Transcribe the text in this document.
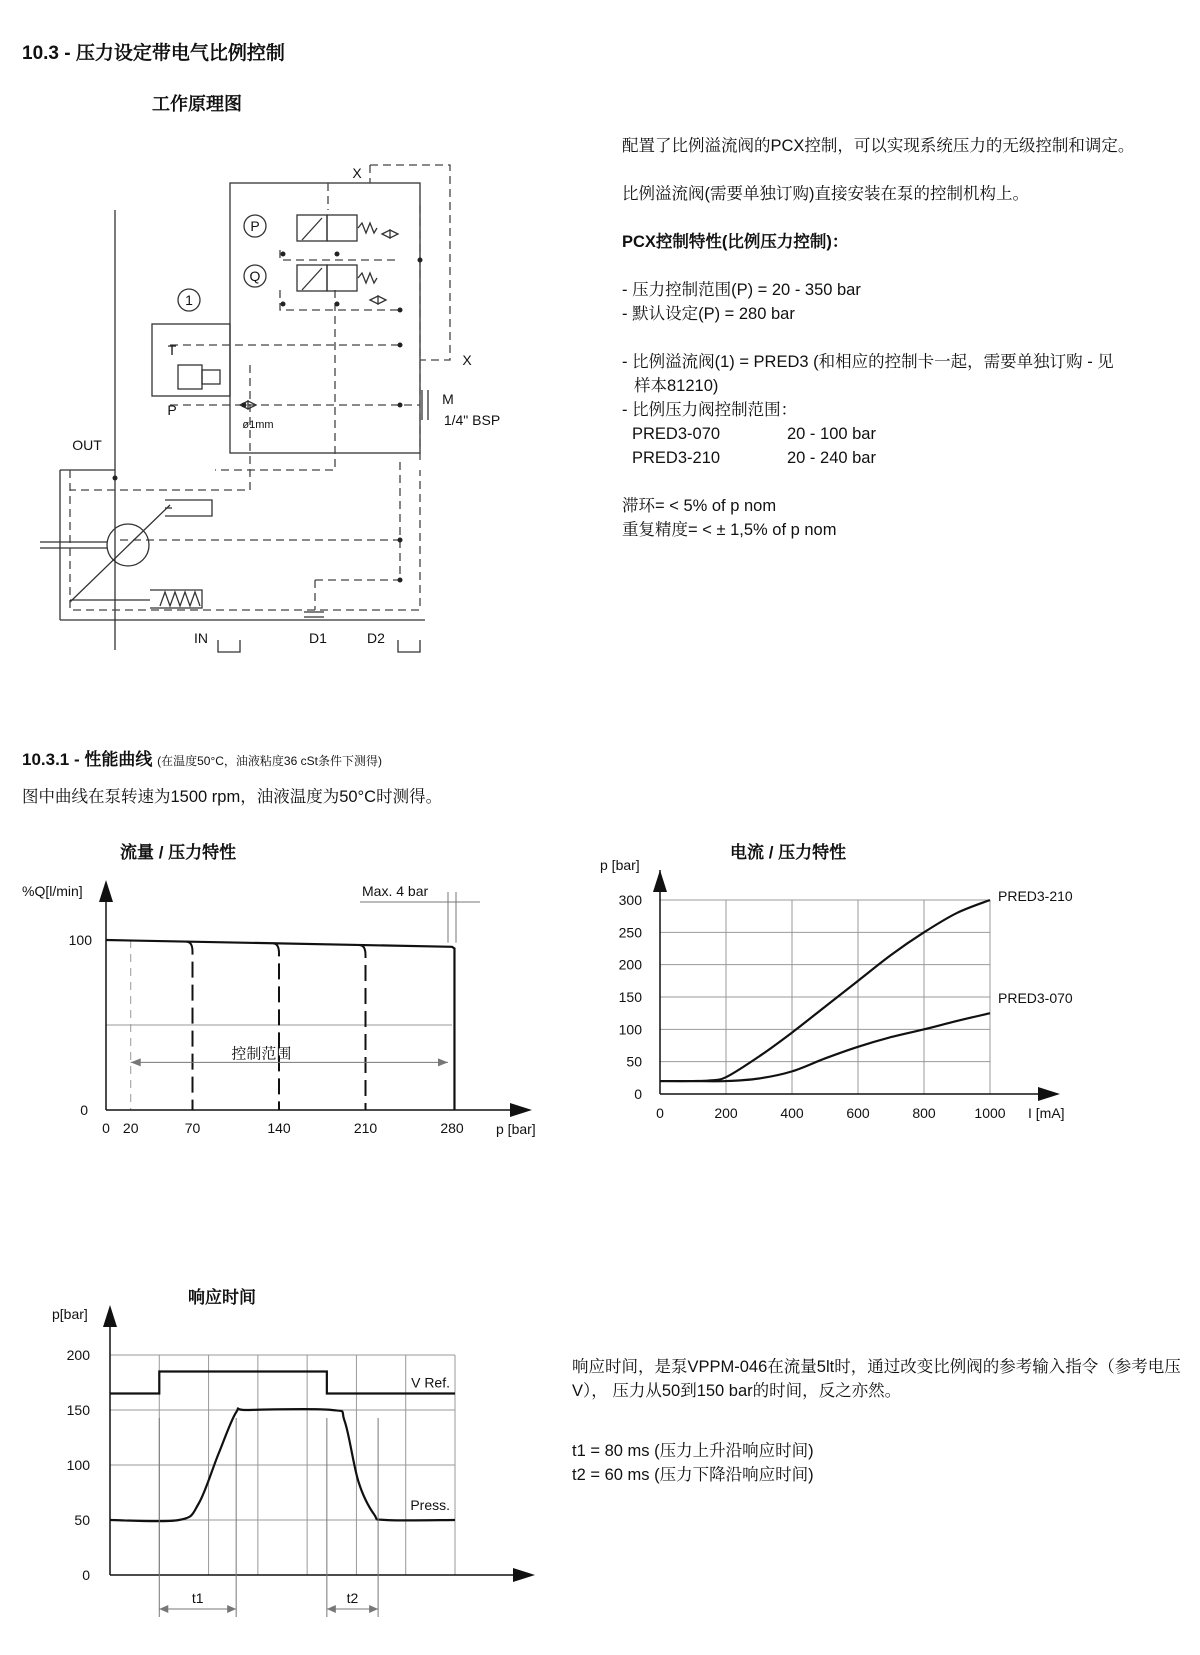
10.3 - 压力设定带电气比例控制
工作原理图
配置了比例溢流阀的PCX控制，可以实现系统压力的无级控制和调定。
比例溢流阀(需要单独订购)直接安装在泵的控制机构上。
PCX控制特性(比例压力控制)：
- 压力控制范围(P) = 20 - 350 bar
- 默认设定(P) = 280 bar
- 比例溢流阀(1) = PRED3 (和相应的控制卡一起，需要单独订购 - 见
样本81210)
- 比例压力阀控制范围：
PRED3-070	20 - 100 bar
PRED3-210	20 - 240 bar
滞环= < 5% of p nom
重复精度= < ± 1,5% of p nom
X
X
P
Q
1
T
P
ø1mm
M
1/4" BSP
OUT
IN	D1	D2
10.3.1 - 性能曲线 (在温度50°C，油液粘度36 cSt条件下测得)
图中曲线在泵转速为1500 rpm，油液温度为50°C时测得。
流量 / 压力特性	电流 / 压力特性
响应时间
控制范围
Max. 4 bar
%Q[l/min]
100
0
0 20	70	140	210	280 p [bar]
PRED3-210
PRED3-070
p [bar]
0
50
100
150
200
250
300
0	200	400	600	800	1000 I [mA]
V Ref.
Press.
t1	t2
p[bar]
0
50
100
150
200
响应时间，是泵VPPM-046在流量5lt时，通过改变比例阀的参考输入指令（参考电压V）， 压力从50到150 bar的时间，反之亦然。
t1 = 80 ms (压力上升沿响应时间)
t2 = 60 ms (压力下降沿响应时间)
